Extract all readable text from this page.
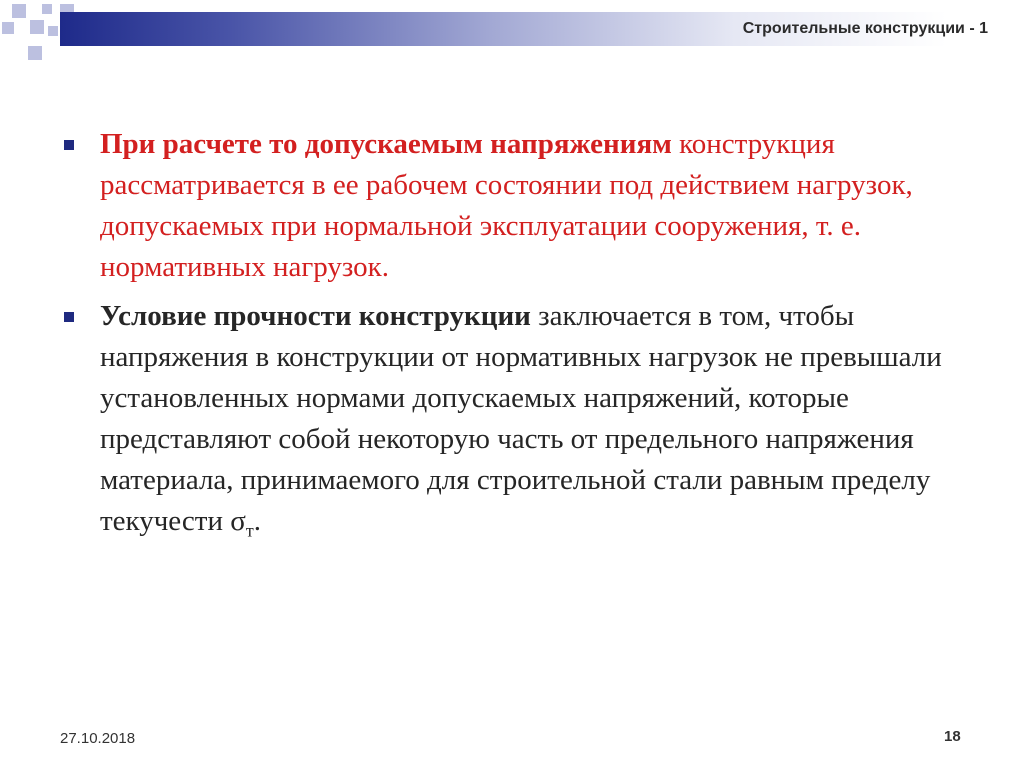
Строительные конструкции - 1
При расчете то допускаемым напряжениям конструкция рассматривается в ее рабочем состоянии под действием нагрузок, допускаемых при нормальной эксплуатации сооружения, т. е. нормативных нагрузок.
Условие прочности конструкции заключается в том, чтобы напряжения в конструкции от нормативных нагрузок не превышали установленных нормами допускаемых напряжений, которые представляют собой некоторую часть от предельного напряжения материала, принимаемого для строительной стали равным пределу текучести $\sigma_т$.
27.10.2018	18
